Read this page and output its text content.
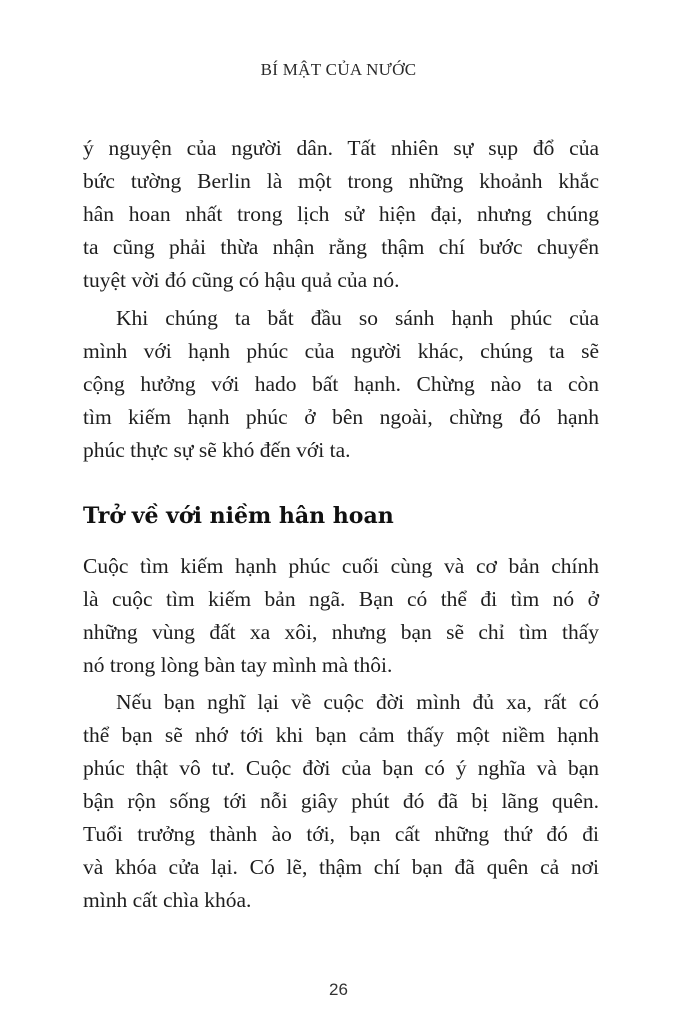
BÍ MẬT CỦA NƯỚC
ý nguyện của người dân. Tất nhiên sự sụp đổ của
bức tường Berlin là một trong những khoảnh khắc
hân hoan nhất trong lịch sử hiện đại, nhưng chúng
ta cũng phải thừa nhận rằng thậm chí bước chuyển
tuyệt vời đó cũng có hậu quả của nó.
Khi chúng ta bắt đầu so sánh hạnh phúc của
mình với hạnh phúc của người khác, chúng ta sẽ
cộng hưởng với hado bất hạnh. Chừng nào ta còn
tìm kiếm hạnh phúc ở bên ngoài, chừng đó hạnh
phúc thực sự sẽ khó đến với ta.
Trở về với niềm hân hoan
Cuộc tìm kiếm hạnh phúc cuối cùng và cơ bản chính
là cuộc tìm kiếm bản ngã. Bạn có thể đi tìm nó ở
những vùng đất xa xôi, nhưng bạn sẽ chỉ tìm thấy
nó trong lòng bàn tay mình mà thôi.
Nếu bạn nghĩ lại về cuộc đời mình đủ xa, rất có
thể bạn sẽ nhớ tới khi bạn cảm thấy một niềm hạnh
phúc thật vô tư. Cuộc đời của bạn có ý nghĩa và bạn
bận rộn sống tới nỗi giây phút đó đã bị lãng quên.
Tuổi trưởng thành ào tới, bạn cất những thứ đó đi
và khóa cửa lại. Có lẽ, thậm chí bạn đã quên cả nơi
mình cất chìa khóa.
26
